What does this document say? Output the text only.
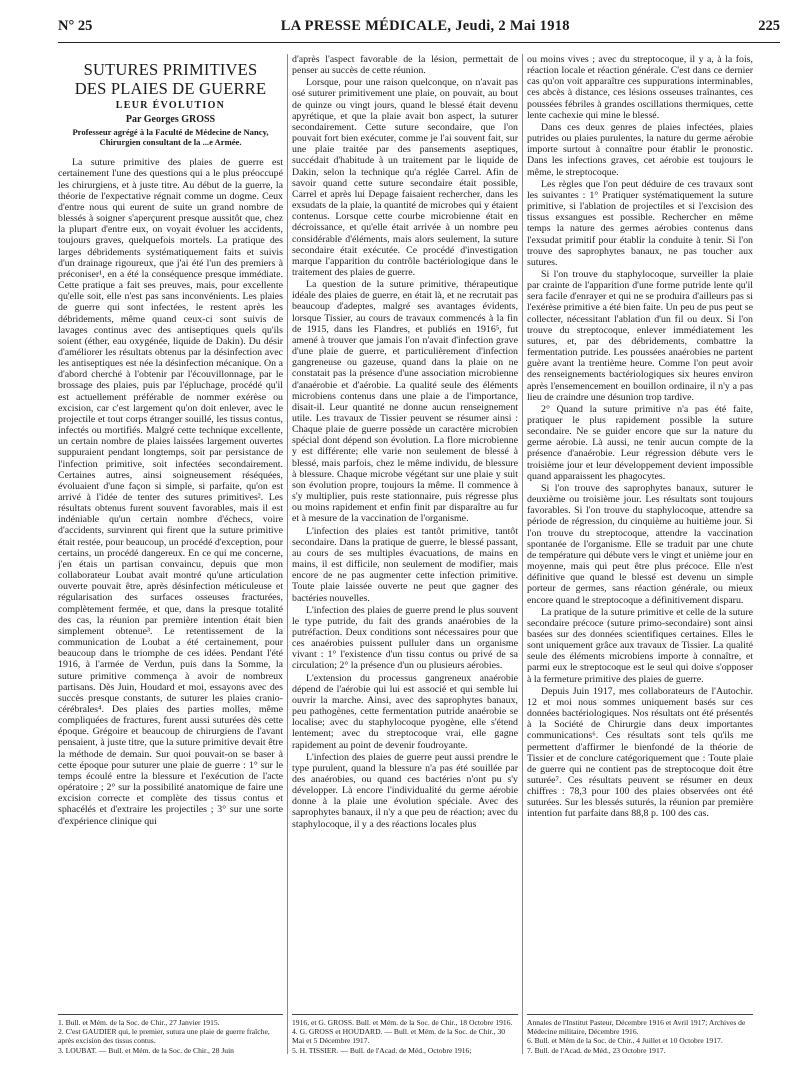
N° 25	LA PRESSE MÉDICALE, Jeudi, 2 Mai 1918	225
SUTURES PRIMITIVES
DES PLAIES DE GUERRE
LEUR ÉVOLUTION
Par Georges GROSS
Professeur agrégé à la Faculté de Médecine de Nancy, Chirurgien consultant de la ...e Armée.

La suture primitive des plaies de guerre est certainement l'une des questions qui a le plus préoccupé les chirurgiens, et à juste titre. Au début de la guerre, la théorie de l'expectative régnait comme un dogme. Ceux d'entre nous qui eurent de suite un grand nombre de blessés à soigner s'aperçurent presque aussitôt que, chez la plupart d'entre eux, on voyait évoluer les accidents, toujours graves, quelquefois mortels. La pratique des larges débridements systématiquement faits et suivis d'un drainage rigoureux, que j'ai été l'un des premiers à préconiser¹, en a été la conséquence presque immédiate. Cette pratique a fait ses preuves, mais, pour excellente qu'elle soit, elle n'est pas sans inconvénients. Les plaies de guerre qui sont infectées, le restent après les débridements, même quand ceux-ci sont suivis de lavages continus avec des antiseptiques quels qu'ils soient (éther, eau oxygénée, liquide de Dakin). Du désir d'améliorer les résultats obtenus par la désinfection avec les antiseptiques est née la désinfection mécanique. On a d'abord cherché à l'obtenir par l'écouvillonnage, par le brossage des plaies, puis par l'épluchage, procédé qu'il est actuellement préférable de nommer exérèse ou excision, car c'est largement qu'on doit enlever, avec le projectile et tout corps étranger souillé, les tissus contus, infectés ou mortifiés. Malgré cette technique excellente, un certain nombre de plaies laissées largement ouvertes suppuraient pendant longtemps, soit par persistance de l'infection primitive, soit infectées secondairement. Certaines autres, ainsi soigneusement réséquées, évoluaient d'une façon si simple, si parfaite, qu'on est arrivé à l'idée de tenter des sutures primitives². Les résultats obtenus furent souvent favorables, mais il est indéniable qu'un certain nombre d'échecs, voire d'accidents, survinrent qui firent que la suture primitive était restée, pour beaucoup, un procédé d'exception, pour certains, un procédé dangereux. En ce qui me concerne, j'en étais un partisan convaincu, depuis que mon collaborateur Loubat avait montré qu'une articulation ouverte pouvait être, après désinfection méticuleuse et régularisation des surfaces osseuses fracturées, complètement fermée, et que, dans la presque totalité des cas, la réunion par première intention était bien simplement obtenue³. Le retentissement de la communication de Loubat a été certainement, pour beaucoup dans le triomphe de ces idées. Pendant l'été 1916, à l'armée de Verdun, puis dans la Somme, la suture primitive commença à avoir de nombreux partisans. Dès Juin, Houdard et moi, essayons avec des succès presque constants, de suturer les plaies cranio-cérébrales⁴. Des plaies des parties molles, même compliquées de fractures, furent aussi suturées dès cette époque. Grégoire et beaucoup de chirurgiens de l'avant pensaient, à juste titre, que la suture primitive devait être la méthode de demain. Sur quoi pouvait-on se baser à cette époque pour suturer une plaie de guerre : 1° sur le temps écoulé entre la blessure et l'exécution de l'acte opératoire ; 2° sur la possibilité anatomique de faire une excision correcte et complète des tissus contus et sphacélés et d'extraire les projectiles ; 3° sur une sorte d'expérience clinique qui

d'après l'aspect favorable de la lésion, permettait de penser au succès de cette réunion.

Lorsque, pour une raison quelconque, on n'avait pas osé suturer primitivement une plaie, on pouvait, au bout de quinze ou vingt jours, quand le blessé était devenu apyrétique, et que la plaie avait bon aspect, la suturer secondairement. Cette suture secondaire, que l'on pouvait fort bien exécuter, comme je l'ai souvent fait, sur une plaie traitée par des pansements aseptiques, succédait d'habitude à un traitement par le liquide de Dakin, selon la technique qu'a réglée Carrel. Afin de savoir quand cette suture secondaire était possible, Carrel et après lui Depage faisaient rechercher, dans les exsudats de la plaie, la quantité de microbes qui y étaient contenus. Lorsque cette courbe microbienne était en décroissance, et qu'elle était arrivée à un nombre peu considérable d'éléments, mais alors seulement, la suture secondaire était exécutée. Ce procédé d'investigation marque l'apparition du contrôle bactériologique dans le traitement des plaies de guerre.

La question de la suture primitive, thérapeutique idéale des plaies de guerre, en était là, et ne recrutait pas beaucoup d'adeptes, malgré ses avantages évidents, lorsque Tissier, au cours de travaux commencés à la fin de 1915, dans les Flandres, et publiés en 1916⁵, fut amené à trouver que jamais l'on n'avait d'infection grave d'une plaie de guerre, et particulièrement d'infection gangreneuse ou gazeuse, quand dans la plaie on ne constatait pas la présence d'une association microbienne d'anaérobie et d'aérobie. La qualité seule des éléments microbiens contenus dans une plaie a de l'importance, disait-il. Leur quantité ne donne aucun renseignement utile. Les travaux de Tissier peuvent se résumer ainsi : Chaque plaie de guerre possède un caractère microbien spécial dont dépend son évolution. La flore microbienne y est différente; elle varie non seulement de blessé à blessé, mais parfois, chez le même individu, de blessure à blessure. Chaque microbe végétant sur une plaie y suit son évolution propre, toujours la même. Il commence à s'y multiplier, puis reste stationnaire, puis régresse plus ou moins rapidement et enfin finit par disparaître au fur et à mesure de la vaccination de l'organisme.

L'infection des plaies est tantôt primitive, tantôt secondaire. Dans la pratique de guerre, le blessé passant, au cours de ses multiples évacuations, de mains en mains, il est difficile, non seulement de modifier, mais encore de ne pas augmenter cette infection primitive. Toute plaie laissée ouverte ne peut que gagner des bactéries nouvelles.

L'infection des plaies de guerre prend le plus souvent le type putride, du fait des grands anaérobies de la putréfaction. Deux conditions sont nécessaires pour que ces anaérobies puissent pulluler dans un organisme vivant : 1° l'existence d'un tissu contus ou privé de sa circulation; 2° la présence d'un ou plusieurs aérobies.

L'extension du processus gangreneux anaérobie dépend de l'aérobie qui lui est associé et qui semble lui ouvrir la marche. Ainsi, avec des saprophytes banaux, peu pathogènes, cette fermentation putride anaérobie se localise; avec du staphylocoque pyogène, elle s'étend lentement; avec du streptocoque vrai, elle gagne rapidement au point de devenir foudroyante.

L'infection des plaies de guerre peut aussi prendre le type purulent, quand la blessure n'a pas été souillée par des anaérobies, ou quand ces bactéries n'ont pu s'y développer. Là encore l'individualité du germe aérobie donne à la plaie une évolution spéciale. Avec des saprophytes banaux, il n'y a que peu de réaction; avec du staphylocoque, il y a des réactions locales plus

ou moins vives ; avec du streptocoque, il y a, à la fois, réaction locale et réaction générale. C'est dans ce dernier cas qu'on voit apparaître ces suppurations interminables, ces abcès à distance, ces lésions osseuses traînantes, ces poussées fébriles à grandes oscillations thermiques, cette lente cachexie qui mine le blessé.

Dans ces deux genres de plaies infectées, plaies putrides ou plaies purulentes, la nature du germe aérobie importe surtout à connaître pour établir le pronostic. Dans les infections graves, cet aérobie est toujours le même, le streptocoque.

Les règles que l'on peut déduire de ces travaux sont les suivantes : 1° Pratiquer systématiquement la suture primitive, si l'ablation de projectiles et si l'excision des tissus exsangues est possible. Rechercher en même temps la nature des germes aérobies contenus dans l'exsudat primitif pour établir la conduite à tenir. Si l'on trouve des saprophytes banaux, ne pas toucher aux sutures.

Si l'on trouve du staphylocoque, surveiller la plaie par crainte de l'apparition d'une forme putride lente qu'il sera facile d'enrayer et qui ne se produira d'ailleurs pas si l'exérèse primitive a été bien faite. Un peu de pus peut se collecter, nécessitant l'ablation d'un fil ou deux. Si l'on trouve du streptocoque, enlever immédiatement les sutures, et, par des débridements, combattre la fermentation putride. Les poussées anaérobies ne partent guère avant la trentième heure. Comme l'on peut avoir des renseignements bactériologiques six heures environ après l'ensemencement en bouillon ordinaire, il n'y a pas lieu de craindre une désunion trop tardive.

2° Quand la suture primitive n'a pas été faite, pratiquer le plus rapidement possible la suture secondaire. Ne se guider encore que sur la nature du germe aérobie. Là aussi, ne tenir aucun compte de la présence d'anaérobie. Leur régression débute vers le troisième jour et leur développement devient impossible quand apparaissent les phagocytes.

Si l'on trouve des saprophytes banaux, suturer le deuxième ou troisième jour. Les résultats sont toujours favorables. Si l'on trouve du staphylocoque, attendre sa période de régression, du cinquième au huitième jour. Si l'on trouve du streptocoque, attendre la vaccination spontanée de l'organisme. Elle se traduit par une chute de température qui débute vers le vingt et unième jour en moyenne, mais qui peut être plus précoce. Elle n'est définitive que quand le blessé est devenu un simple porteur de germes, sans réaction générale, ou mieux encore quand le streptocoque a définitivement disparu.

La pratique de la suture primitive et celle de la suture secondaire précoce (suture primo-secondaire) sont ainsi basées sur des données scientifiques certaines. Elles le sont uniquement grâce aux travaux de Tissier. La qualité seule des éléments microbiens importe à connaître, et parmi eux le streptocoque est le seul qui doive s'opposer à la fermeture primitive des plaies de guerre.

Depuis Juin 1917, mes collaborateurs de l'Autochir. 12 et moi nous sommes uniquement basés sur ces données bactériologiques. Nos résultats ont été présentés à la Société de Chirurgie dans deux importantes communications⁶. Ces résultats sont tels qu'ils me permettent d'affirmer le bienfondé de la théorie de Tissier et de conclure catégoriquement que : Toute plaie de guerre qui ne contient pas de streptocoque doit être suturée⁷. Ces résultats peuvent se résumer en deux chiffres : 78,3 pour 100 des plaies observées ont été suturées. Sur les blessés suturés, la réunion par première intention fut parfaite dans 88,8 p. 100 des cas.

1. Bull. et Mém. de la Soc. de Chir., 27 Janvier 1915.
2. C'est GAUDIER qui, le premier, sutura une plaie de guerre fraîche, après excision des tissus contus.
3. LOUBAT. — Bull. et Mém. de la Soc. de Chir., 28 Juin
1916, et G. GROSS. Bull. et Mém. de la Soc. de Chir., 18 Octobre 1916.
4. G. GROSS et HOUDARD. — Bull. et Mém. de la Soc. de Chir., 30 Mai et 5 Décembre 1917.
5. H. TISSIER. — Bull. de l'Acad. de Méd., Octobre 1916;
Annales de l'Institut Pasteur, Décembre 1916 et Avril 1917; Archives de Médecine militaire, Décembre 1916.
6. Bull. et Mém de la Soc. de Chir., 4 Juillet et 10 Octobre 1917.
7. Bull. de l'Acad. de Méd., 23 Octobre 1917.
